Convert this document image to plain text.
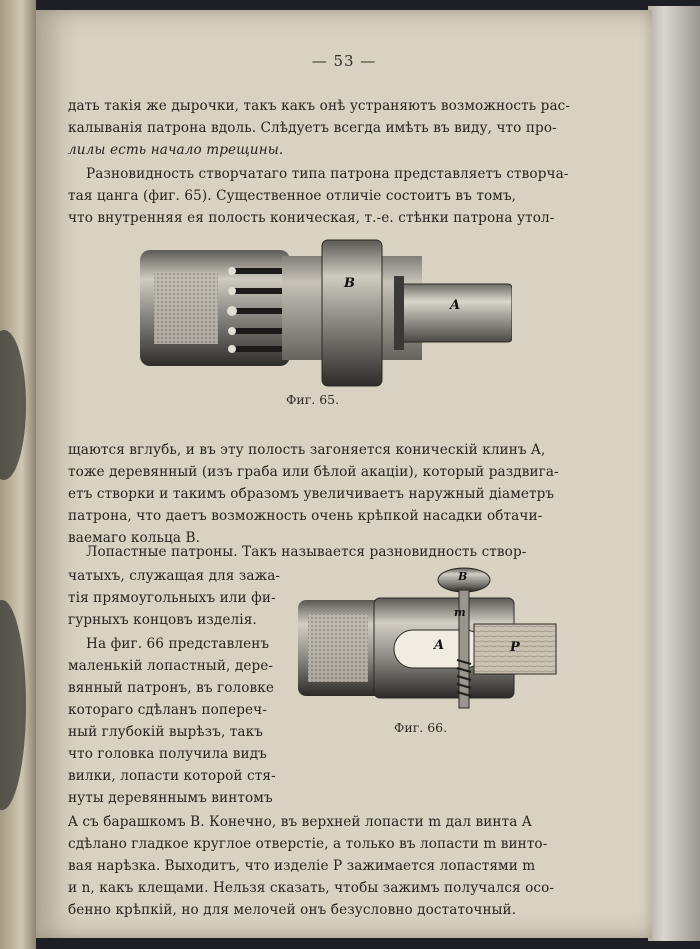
— 53 —
дать такія же дырочки, такъ какъ онѣ устраняютъ возможность рас-
калыванія патрона вдоль. Слѣдуетъ всегда имѣть въ виду, что про-
лилы есть начало трещины.
Разновидность створчатаго типа патрона представляетъ створча-
тая цанга (фиг. 65). Существенное отличіе состоитъ въ томъ,
что внутренняя ея полость коническая, т.-е. стѣнки патрона утол-
B
A
Фиг. 65.
щаются вглубь, и въ эту полость загоняется коническій клинъ A,
тоже деревянный (изъ граба или бѣлой акаціи), который раздвига-
етъ створки и такимъ образомъ увеличиваетъ наружный діаметръ
патрона, что даетъ возможность очень крѣпкой насадки обтачи-
ваемаго кольца B.
Лопастные патроны. Такъ называется разновидность створ-
чатыхъ, служащая для зажа-
тія прямоугольныхъ или фи-
гурныхъ концовъ изделія.
На фиг. 66 представленъ
маленькій лопастный, дере-
вянный патронъ, въ головке
котораго сдѣланъ попереч-
ный глубокій вырѣзъ, такъ
что головка получила видъ
вилки, лопасти которой стя-
нуты деревяннымъ винтомъ
B
m
A	P
Фиг. 66.
A съ барашкомъ B. Конечно, въ верхней лопасти m дал винта A
сдѣлано гладкое круглое отверстіе, а только въ лопасти m винто-
вая нарѣзка. Выходитъ, что изделіе P зажимается лопастями m
и n, какъ клещами. Нельзя сказать, чтобы зажимъ получался осо-
бенно крѣпкій, но для мелочей онъ безусловно достаточный.
